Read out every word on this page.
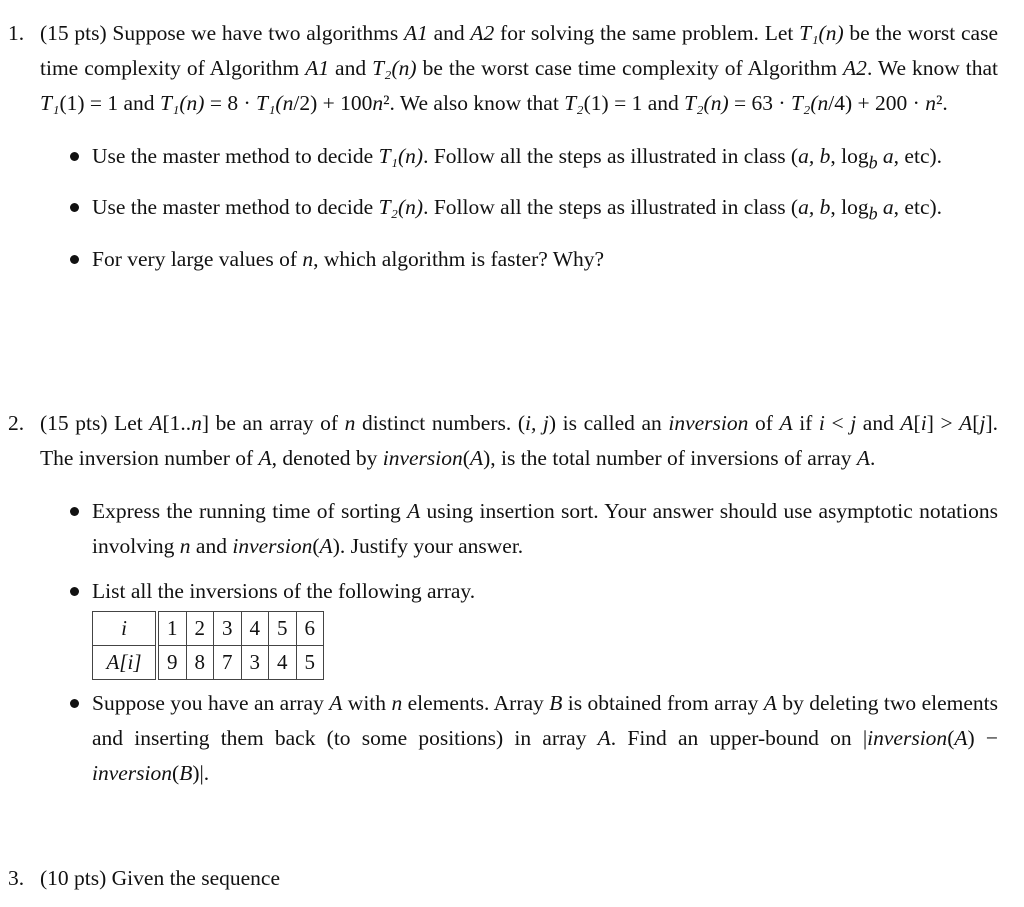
1. (15 pts) Suppose we have two algorithms A1 and A2 for solving the same problem. Let T₁(n) be the worst case time complexity of Algorithm A1 and T₂(n) be the worst case time complexity of Algorithm A2. We know that T₁(1) = 1 and T₁(n) = 8 · T₁(n/2) + 100n². We also know that T₂(1) = 1 and T₂(n) = 63 · T₂(n/4) + 200 · n².
Use the master method to decide T₁(n). Follow all the steps as illustrated in class (a, b, $\log_b a$, etc).
Use the master method to decide T₂(n). Follow all the steps as illustrated in class (a, b, $\log_b a$, etc).
For very large values of n, which algorithm is faster? Why?
2. (15 pts) Let A[1..n] be an array of n distinct numbers. (i, j) is called an inversion of A if i < j and A[i] > A[j]. The inversion number of A, denoted by inversion(A), is the total number of inversions of array A.
Express the running time of sorting A using insertion sort. Your answer should use asymptotic notations involving n and inversion(A). Justify your answer.
List all the inversions of the following array.
i	1	2	3	4	5	6
A[i]	9	8	7	3	4	5
Suppose you have an array A with n elements. Array B is obtained from array A by deleting two elements and inserting them back (to some positions) in array A. Find an upper-bound on |inversion(A) − inversion(B)|.
3. (10 pts) Given the sequence
